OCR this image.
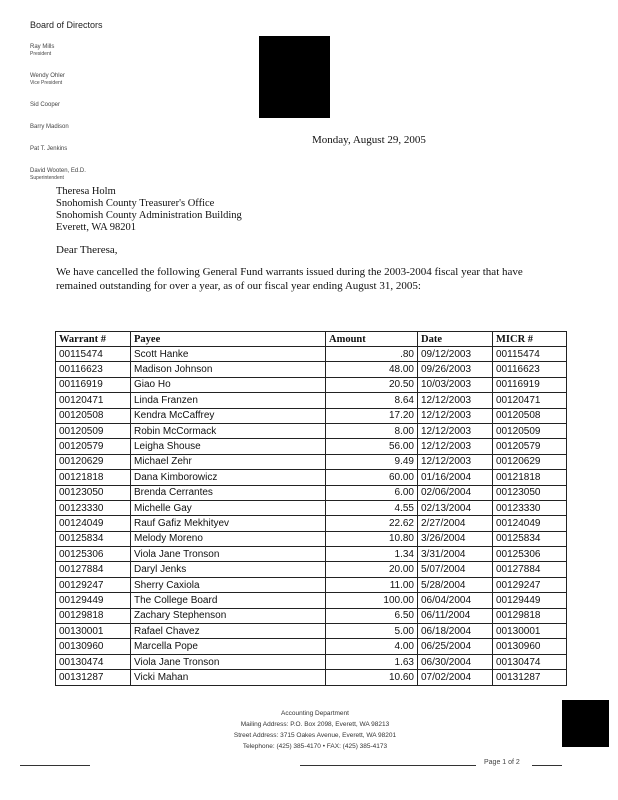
Board of Directors
Ray Mills
President
Wendy Ohler
Vice President
Sid Cooper
Barry Madison
Pat T. Jenkins
David Wooten, Ed.D.
Superintendent
Monday, August 29, 2005
Theresa Holm
Snohomish County Treasurer's Office
Snohomish County Administration Building
Everett, WA 98201
Dear Theresa,
We have cancelled the following General Fund warrants issued during the 2003-2004 fiscal year that have remained outstanding for over a year, as of our fiscal year ending August 31, 2005:
Warrant #	Payee	Amount	Date	MICR #
00115474	Scott Hanke	.80	09/12/2003	00115474
00116623	Madison Johnson	48.00	09/26/2003	00116623
00116919	Giao Ho	20.50	10/03/2003	00116919
00120471	Linda Franzen	8.64	12/12/2003	00120471
00120508	Kendra McCaffrey	17.20	12/12/2003	00120508
00120509	Robin McCormack	8.00	12/12/2003	00120509
00120579	Leigha Shouse	56.00	12/12/2003	00120579
00120629	Michael Zehr	9.49	12/12/2003	00120629
00121818	Dana Kimborowicz	60.00	01/16/2004	00121818
00123050	Brenda Cerrantes	6.00	02/06/2004	00123050
00123330	Michelle Gay	4.55	02/13/2004	00123330
00124049	Rauf Gafiz Mekhityev	22.62	2/27/2004	00124049
00125834	Melody Moreno	10.80	3/26/2004	00125834
00125306	Viola Jane Tronson	1.34	3/31/2004	00125306
00127884	Daryl Jenks	20.00	5/07/2004	00127884
00129247	Sherry Caxiola	11.00	5/28/2004	00129247
00129449	The College Board	100.00	06/04/2004	00129449
00129818	Zachary Stephenson	6.50	06/11/2004	00129818
00130001	Rafael Chavez	5.00	06/18/2004	00130001
00130960	Marcella Pope	4.00	06/25/2004	00130960
00130474	Viola Jane Tronson	1.63	06/30/2004	00130474
00131287	Vicki Mahan	10.60	07/02/2004	00131287
Accounting Department
Mailing Address: P.O. Box 2098, Everett, WA 98213
Street Address: 3715 Oakes Avenue, Everett, WA 98201
Telephone: (425) 385-4170 • FAX: (425) 385-4173
Page 1 of 2
